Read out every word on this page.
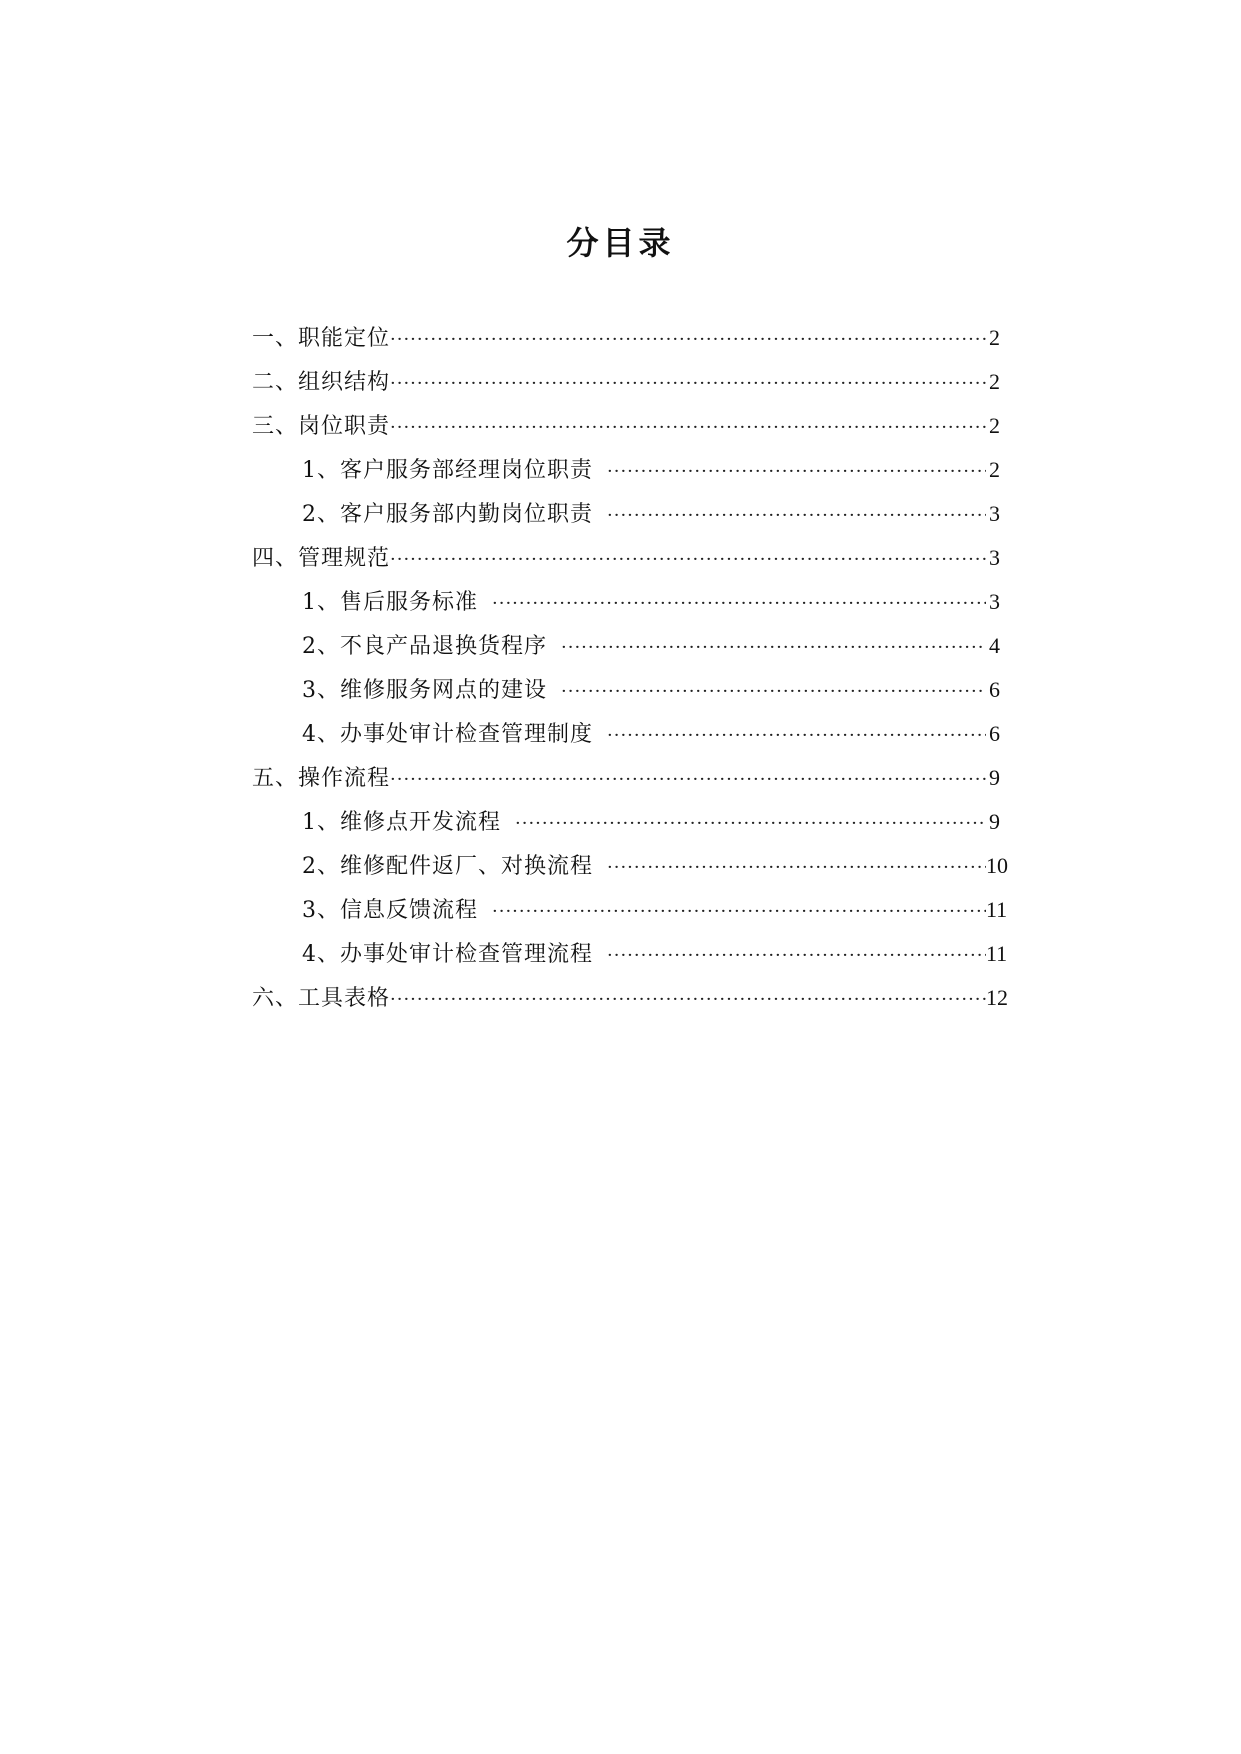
分目录
一、职能定位 ·····	2
二、组织结构 ·····	2
三、岗位职责 ·····	2
1、客户服务部经理岗位职责 ·····	2
2、客户服务部内勤岗位职责 ·····	3
四、管理规范 ·····	3
1、售后服务标准 ·····	3
2、不良产品退换货程序 ·····	4
3、维修服务网点的建设 ·····	6
4、办事处审计检查管理制度 ·····	6
五、操作流程 ·····	9
1、维修点开发流程 ·····	9
2、维修配件返厂、对换流程 ·····	10
3、信息反馈流程 ·····	11
4、办事处审计检查管理流程 ·····	11
六、工具表格 ·····	12
